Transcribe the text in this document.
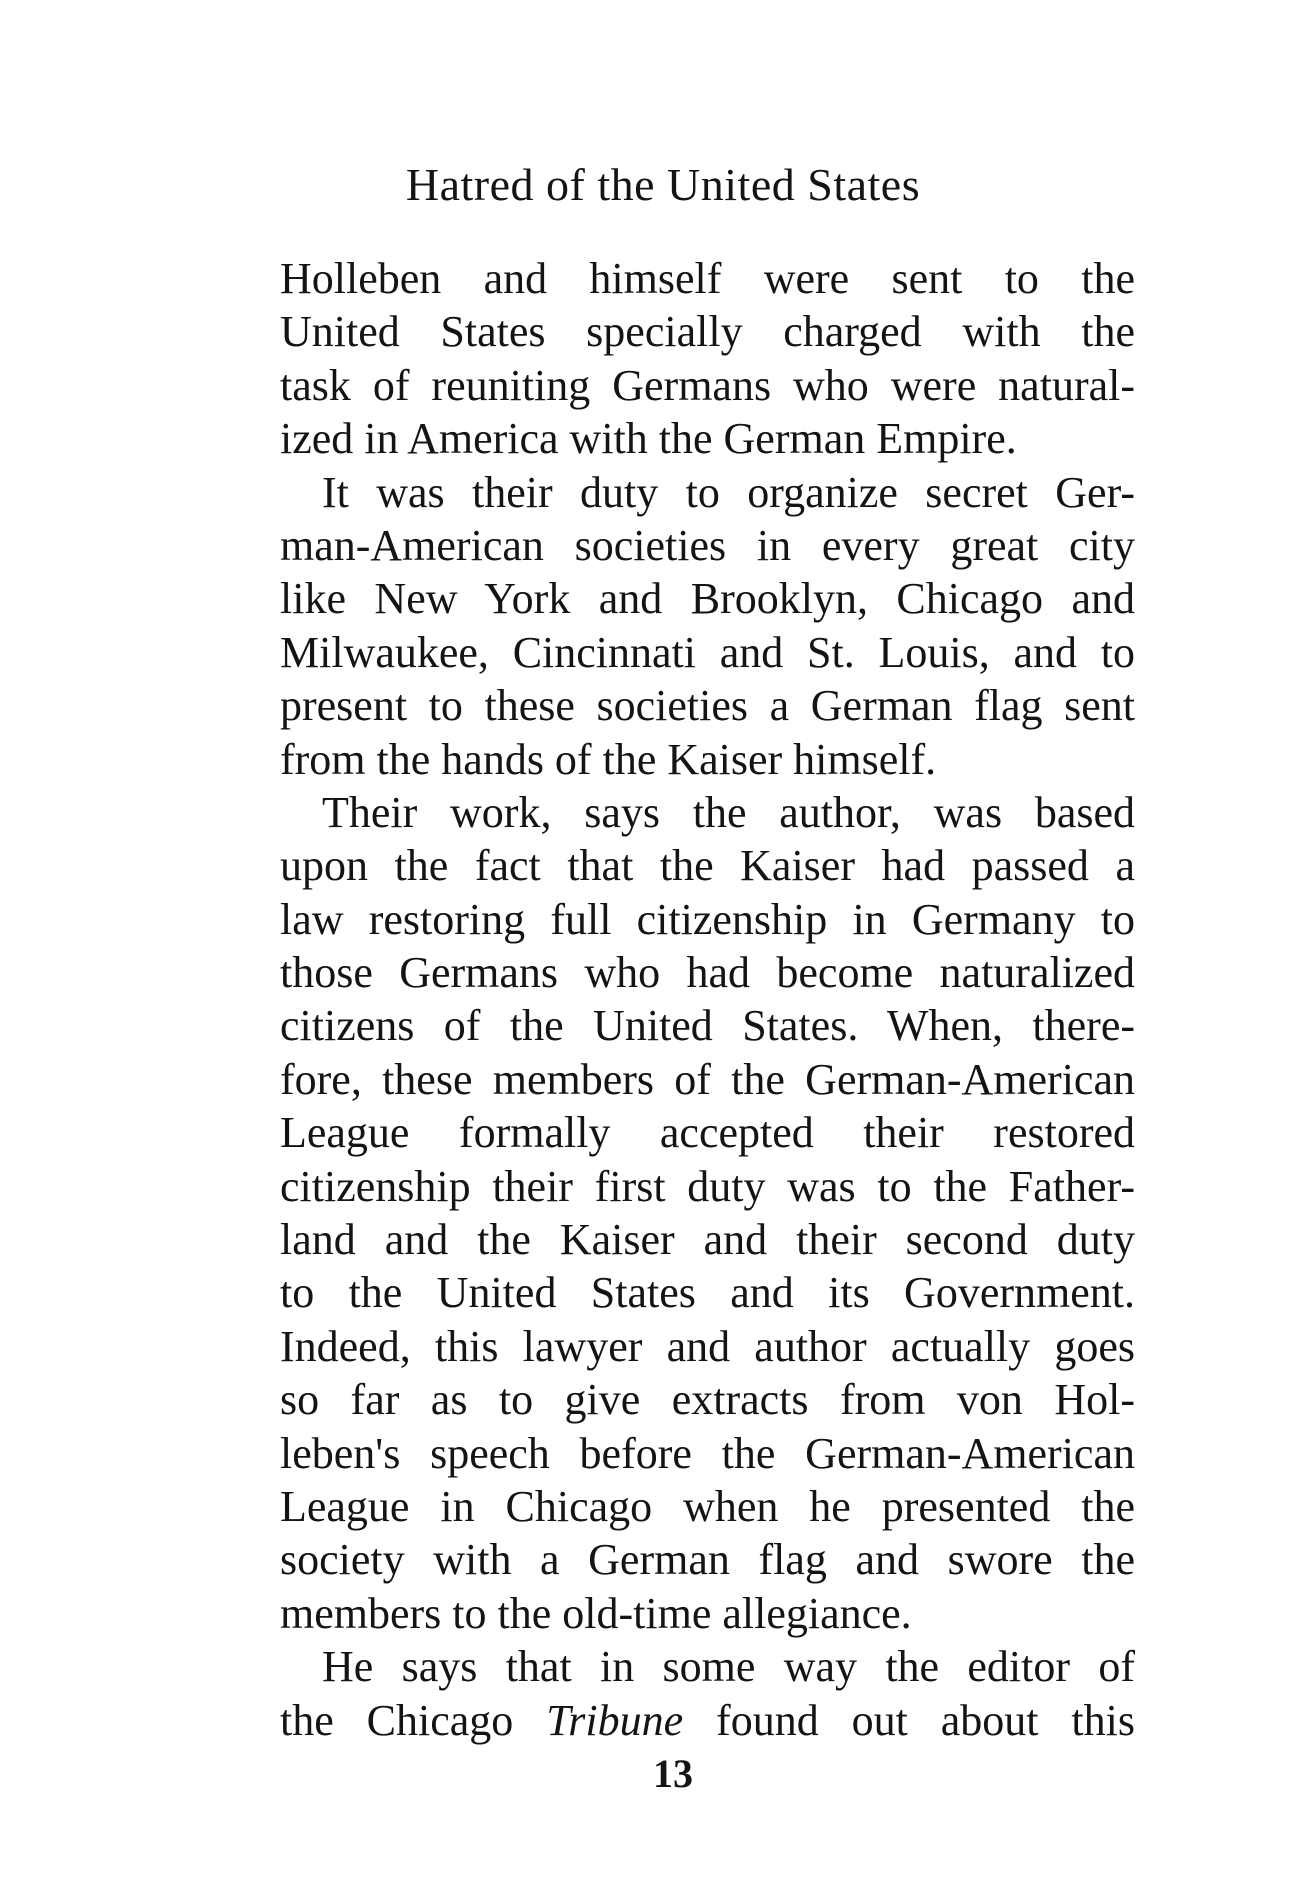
Hatred of the United States
Holleben and himself were sent to the
United States specially charged with the
task of reuniting Germans who were natural-
ized in America with the German Empire.
It was their duty to organize secret Ger-
man-American societies in every great city
like New York and Brooklyn, Chicago and
Milwaukee, Cincinnati and St. Louis, and to
present to these societies a German flag sent
from the hands of the Kaiser himself.
Their work, says the author, was based
upon the fact that the Kaiser had passed a
law restoring full citizenship in Germany to
those Germans who had become naturalized
citizens of the United States. When, there-
fore, these members of the German-American
League formally accepted their restored
citizenship their first duty was to the Father-
land and the Kaiser and their second duty
to the United States and its Government.
Indeed, this lawyer and author actually goes
so far as to give extracts from von Hol-
leben's speech before the German-American
League in Chicago when he presented the
society with a German flag and swore the
members to the old-time allegiance.
He says that in some way the editor of
the Chicago Tribune found out about this
13
